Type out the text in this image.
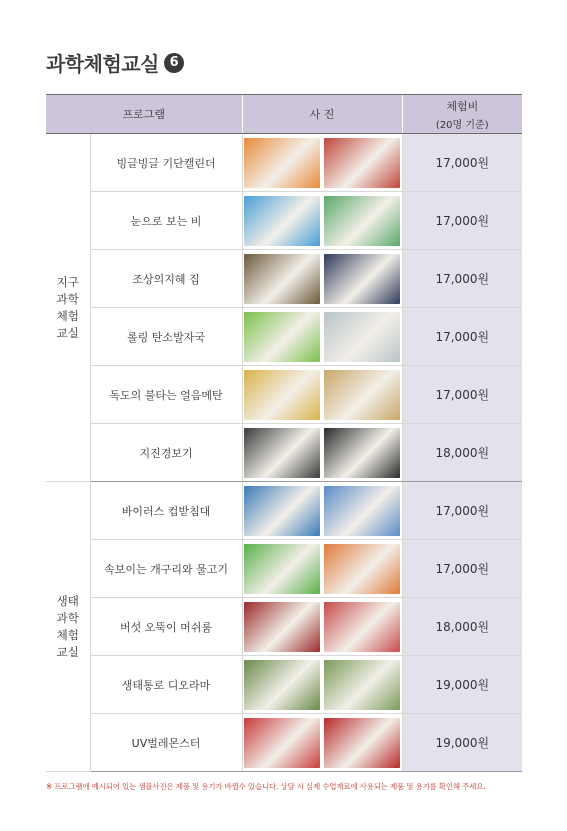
과학체험교실 6
프로그램		사 진	체험비
(20명 기준)

지구
과학
체험
교실	빙글빙글 기단캘린더		17,000원
	눈으로 보는 비		17,000원
	조상의지혜 집		17,000원
	롤링 탄소발자국		17,000원
	독도의 불타는 얼음메탄		17,000원
	지진경보기		18,000원

생태
과학
체험
교실	바이러스 컵받침대		17,000원
	속보이는 개구리와 물고기		17,000원
	버섯 오뚝이 머쉬룸		18,000원
	생태통로 디오라마		19,000원
	UV벌레몬스터		19,000원
※ 프로그램에 예시되어 있는 샘플사진은 제품 및 용기가 바뀔수 있습니다. 상담 시 실제 수업재료에 사용되는 제품 및 용기를 확인해 주세요.
